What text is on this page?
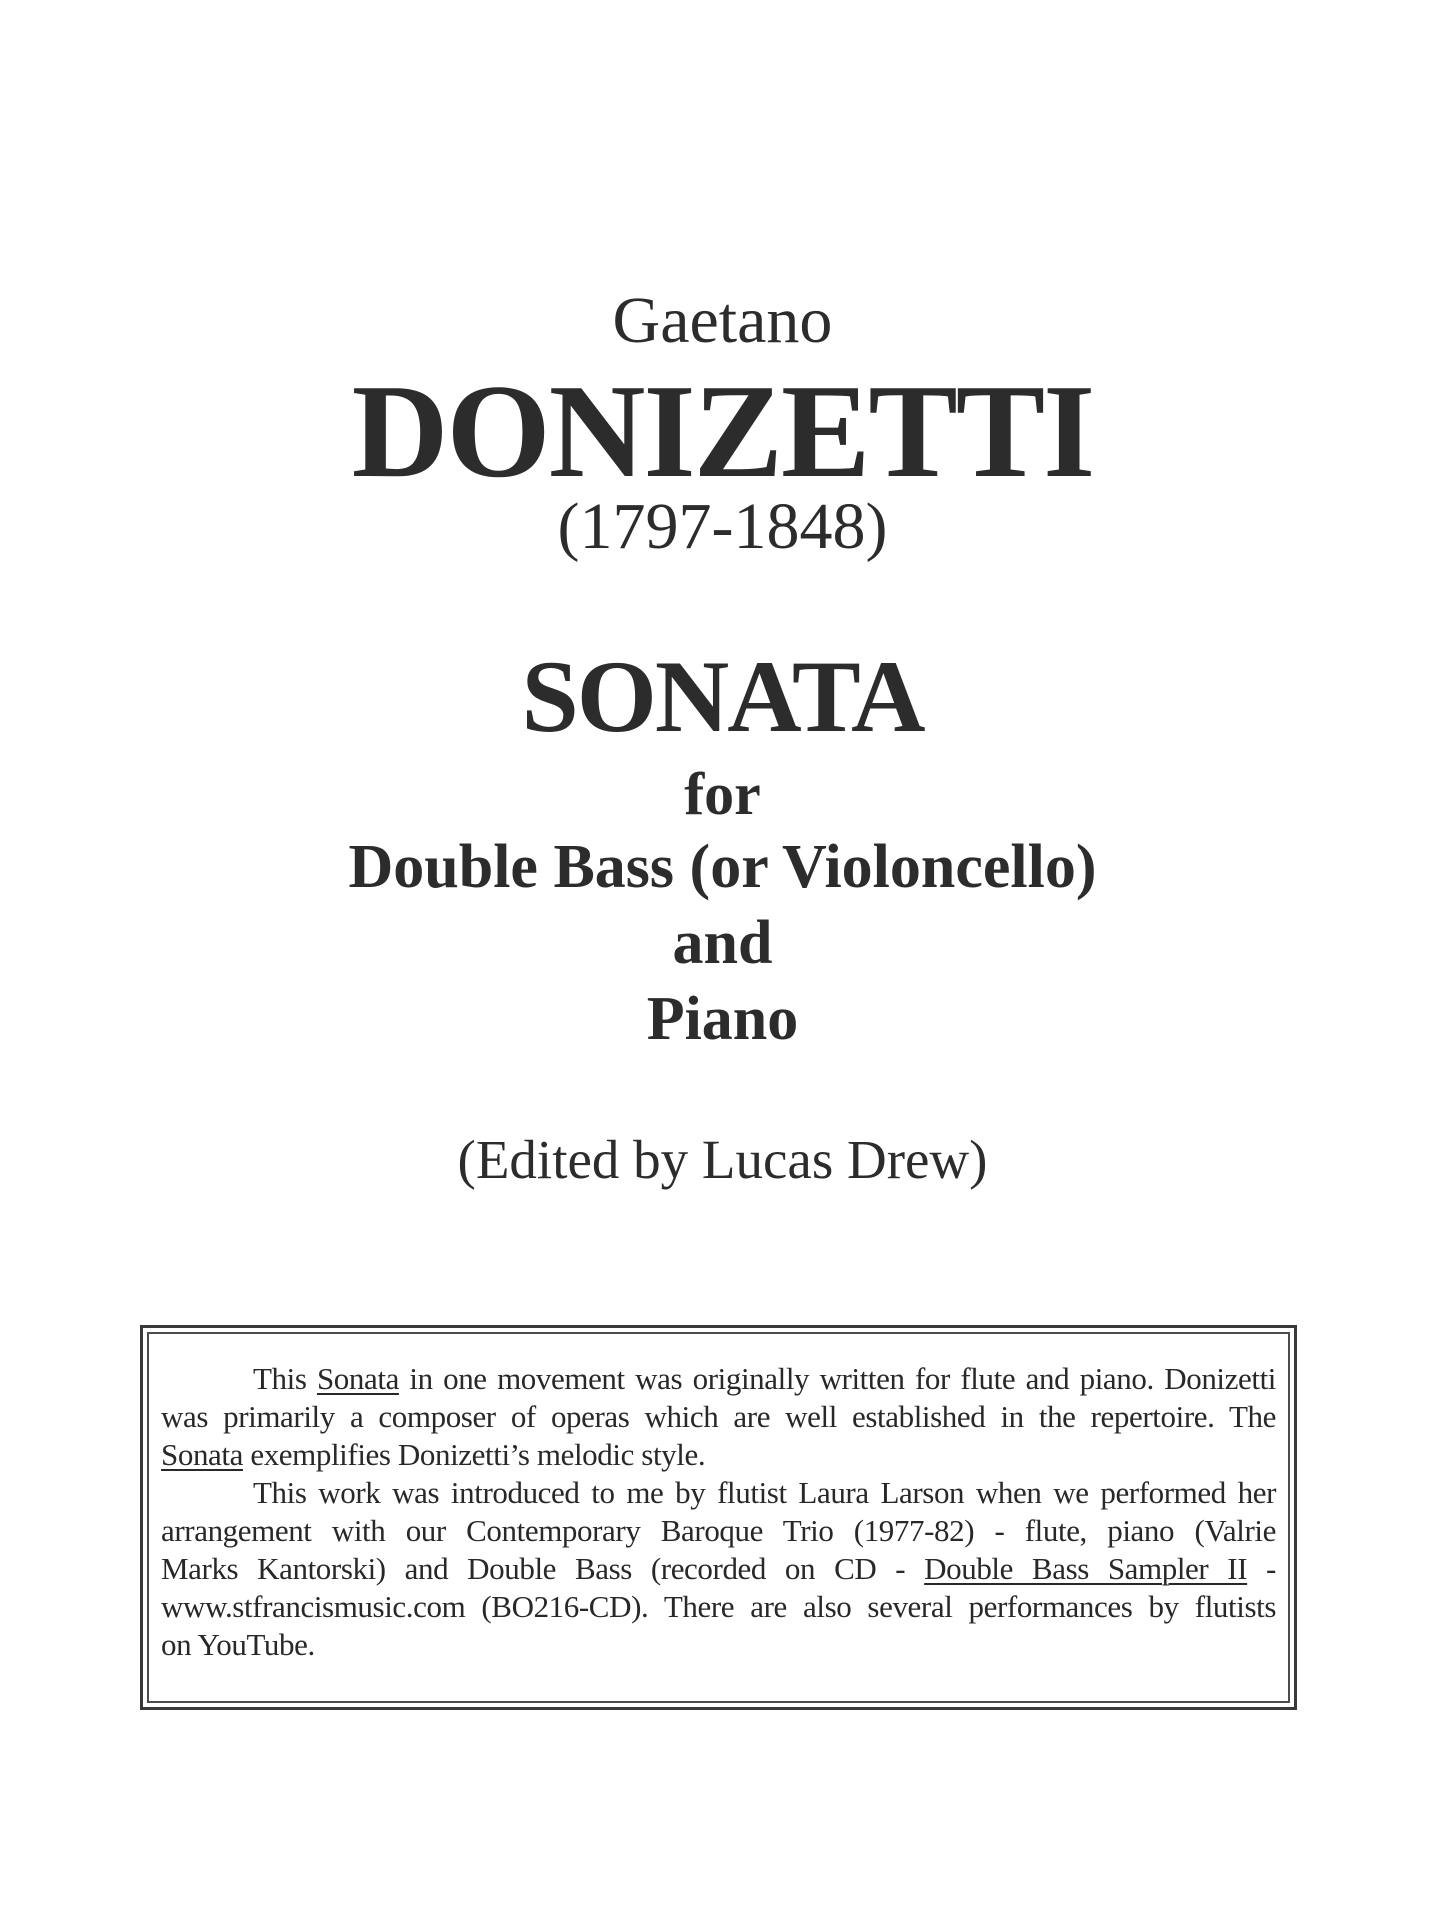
Gaetano
DONIZETTI
(1797-1848)
SONATA
for
Double Bass (or Violoncello)
and
Piano
(Edited by Lucas Drew)
This Sonata in one movement was originally written for flute and piano. Donizetti
was primarily a composer of operas which are well established in the repertoire. The
Sonata exemplifies Donizetti’s melodic style.
This work was introduced to me by flutist Laura Larson when we performed her
arrangement with our Contemporary Baroque Trio (1977-82) - flute, piano (Valrie
Marks Kantorski) and Double Bass (recorded on CD - Double Bass Sampler II -
www.stfrancismusic.com (BO216-CD). There are also several performances by flutists
on YouTube.
